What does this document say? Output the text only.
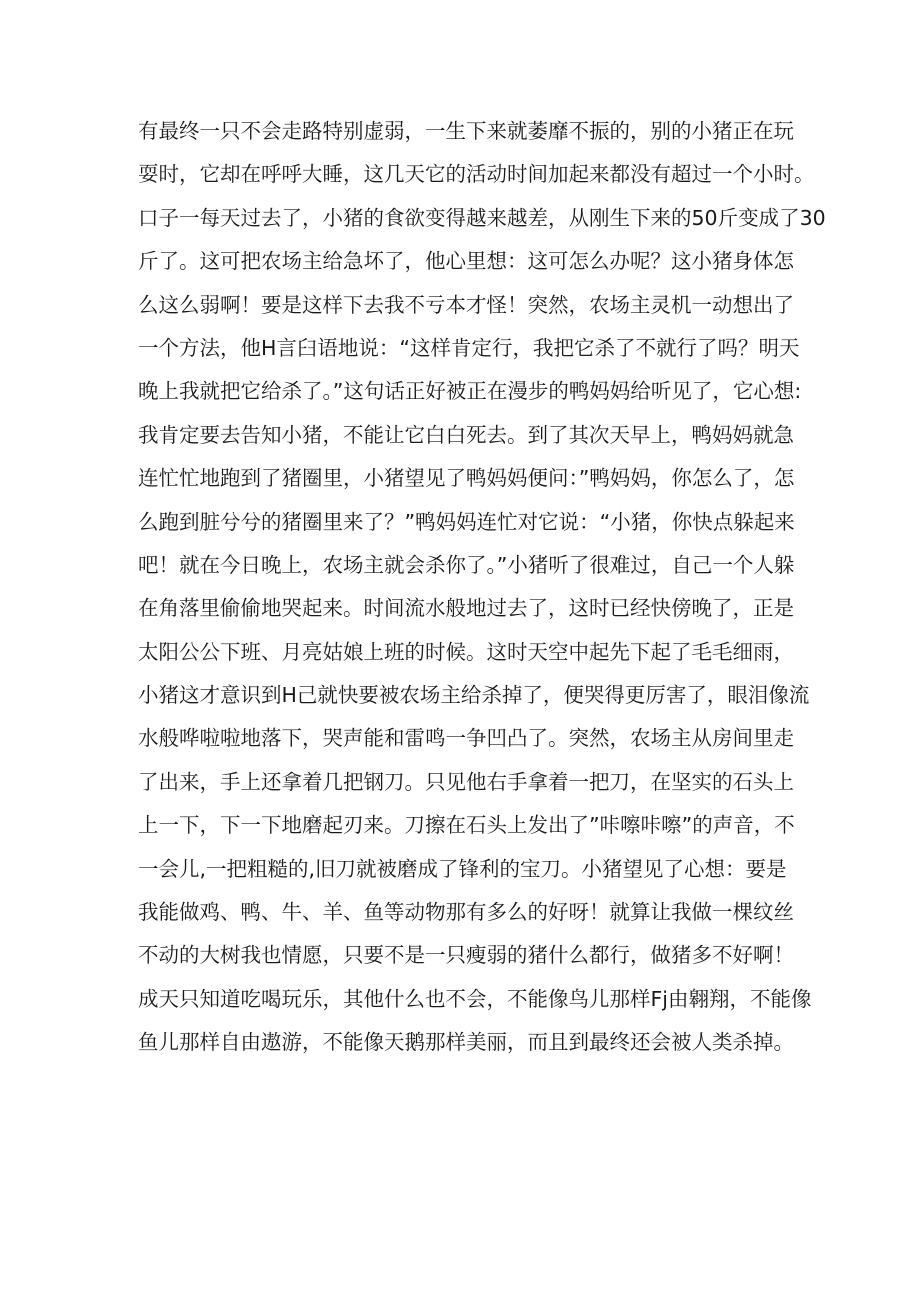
有最终一只不会走路特别虚弱，一生下来就萎靡不振的，别的小猪正在玩
耍时，它却在呼呼大睡，这几天它的活动时间加起来都没有超过一个小时。
口子一每天过去了，小猪的食欲变得越来越差，从刚生下来的50斤变成了30
斤了。这可把农场主给急坏了，他心里想：这可怎么办呢？这小猪身体怎
么这么弱啊！要是这样下去我不亏本才怪！突然，农场主灵机一动想出了
一个方法，他H言臼语地说：“这样肯定行，我把它杀了不就行了吗？明天
晚上我就把它给杀了。”这句话正好被正在漫步的鸭妈妈给听见了，它心想:
我肯定要去告知小猪，不能让它白白死去。到了其次天早上，鸭妈妈就急
连忙忙地跑到了猪圈里，小猪望见了鸭妈妈便问：”鸭妈妈，你怎么了，怎
么跑到脏兮兮的猪圈里来了？”鸭妈妈连忙对它说：“小猪，你快点躲起来
吧！就在今日晚上，农场主就会杀你了。”小猪听了很难过，自己一个人躲
在角落里偷偷地哭起来。时间流水般地过去了，这时已经快傍晚了，正是
太阳公公下班、月亮姑娘上班的时候。这时天空中起先下起了毛毛细雨，
小猪这才意识到H己就快要被农场主给杀掉了，便哭得更厉害了，眼泪像流
水般哗啦啦地落下，哭声能和雷鸣一争凹凸了。突然，农场主从房间里走
了出来，手上还拿着几把钢刀。只见他右手拿着一把刀，在坚实的石头上
上一下，下一下地磨起刃来。刀擦在石头上发出了”咔嚓咔嚓”的声音，不
一会儿,一把粗糙的,旧刀就被磨成了锋利的宝刀。小猪望见了心想：要是
我能做鸡、鸭、牛、羊、鱼等动物那有多么的好呀！就算让我做一棵纹丝
不动的大树我也情愿，只要不是一只瘦弱的猪什么都行，做猪多不好啊！
成天只知道吃喝玩乐，其他什么也不会，不能像鸟儿那样Fj由翱翔，不能像
鱼儿那样自由遨游，不能像天鹅那样美丽，而且到最终还会被人类杀掉。
